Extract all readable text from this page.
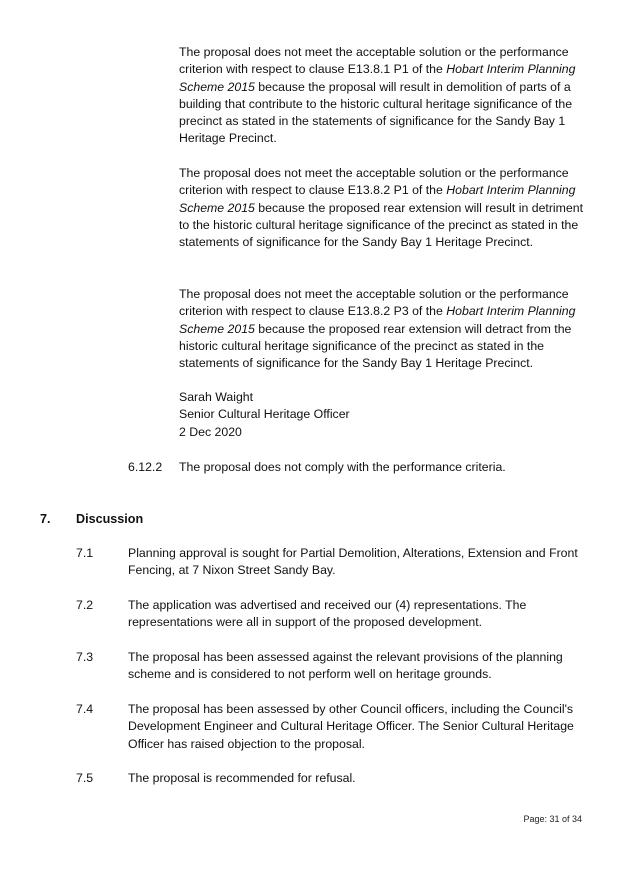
The proposal does not meet the acceptable solution or the performance criterion with respect to clause E13.8.1 P1 of the Hobart Interim Planning Scheme 2015 because the proposal will result in demolition of parts of a building that contribute to the historic cultural heritage significance of the precinct as stated in the statements of significance for the Sandy Bay 1 Heritage Precinct.

The proposal does not meet the acceptable solution or the performance criterion with respect to clause E13.8.2 P1 of the Hobart Interim Planning Scheme 2015 because the proposed rear extension will result in detriment to the historic cultural heritage significance of the precinct as stated in the statements of significance for the Sandy Bay 1 Heritage Precinct.

The proposal does not meet the acceptable solution or the performance criterion with respect to clause E13.8.2 P3 of the Hobart Interim Planning Scheme 2015 because the proposed rear extension will detract from the historic cultural heritage significance of the precinct as stated in the statements of significance for the Sandy Bay 1 Heritage Precinct.

Sarah Waight
Senior Cultural Heritage Officer
2 Dec 2020
6.12.2 The proposal does not comply with the performance criteria.
7. Discussion
7.1	Planning approval is sought for Partial Demolition, Alterations, Extension and Front Fencing, at 7 Nixon Street Sandy Bay.
7.2	The application was advertised and received our (4) representations. The representations were all in support of the proposed development.
7.3	The proposal has been assessed against the relevant provisions of the planning scheme and is considered to not perform well on heritage grounds.
7.4	The proposal has been assessed by other Council officers, including the Council's Development Engineer and Cultural Heritage Officer. The Senior Cultural Heritage Officer has raised objection to the proposal.
7.5	The proposal is recommended for refusal.
Page: 31 of 34
